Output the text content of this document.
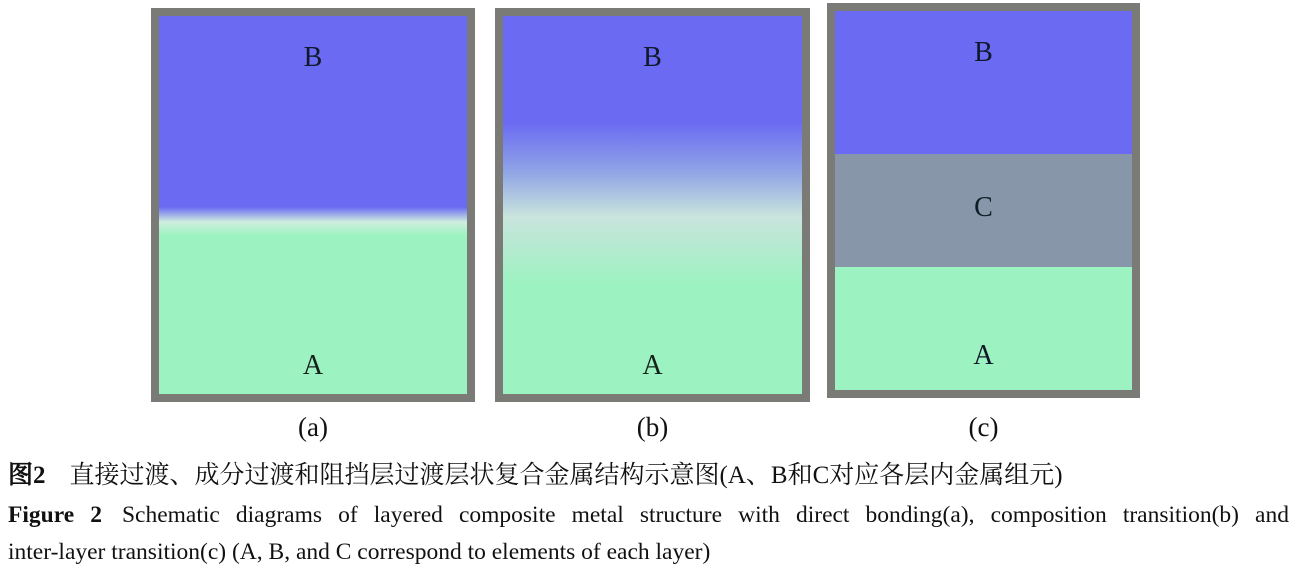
B
A
B
A
B
C
A
(a)	(b)	(c)
图2 直接过渡、成分过渡和阻挡层过渡层状复合金属结构示意图(A、B和C对应各层内金属组元)
Figure 2 Schematic diagrams of layered composite metal structure with direct bonding(a), composition transition(b) and
inter-layer transition(c) (A, B, and C correspond to elements of each layer)
